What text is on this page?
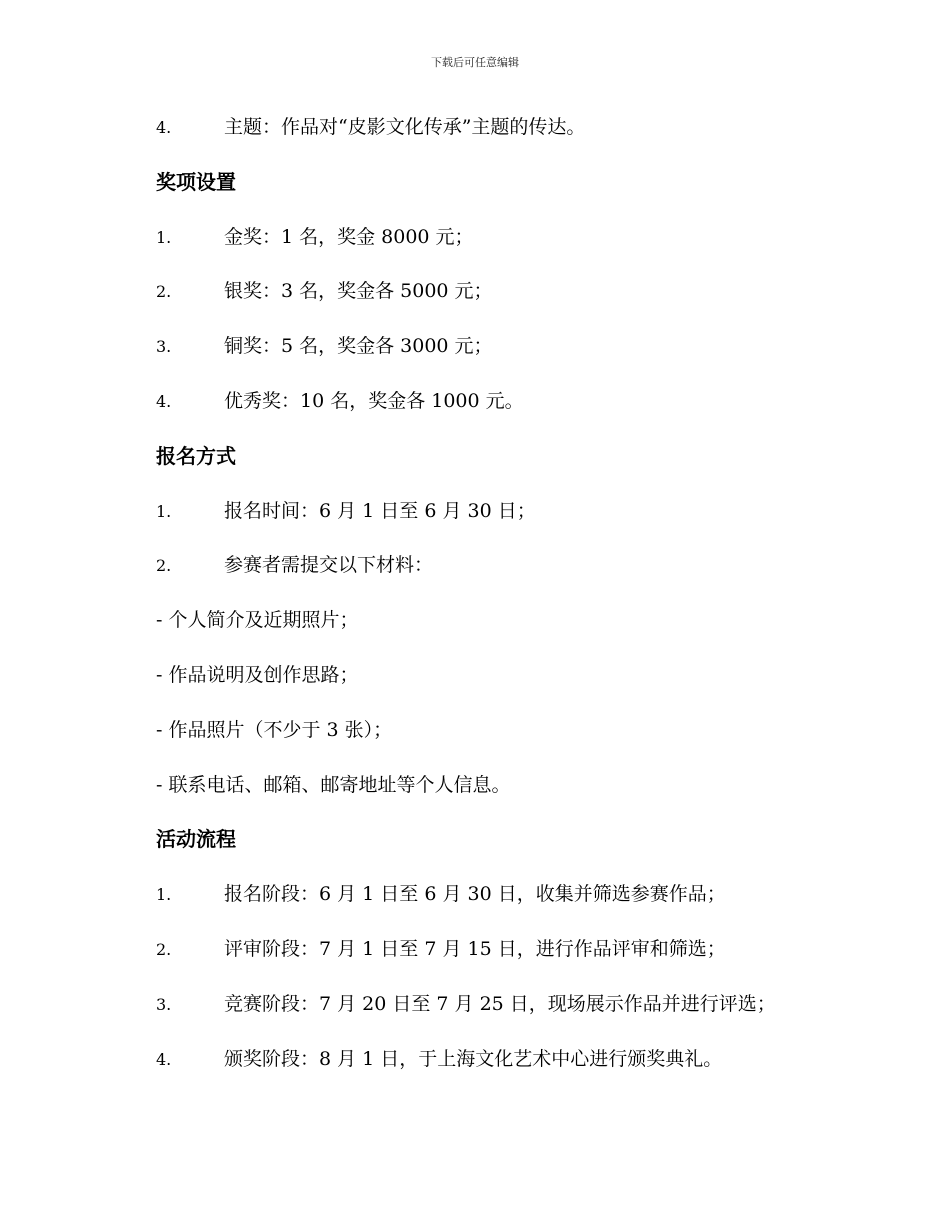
下载后可任意编辑
4.	主题：作品对“皮影文化传承”主题的传达。
奖项设置
1.	金奖：1 名，奖金 8000 元；
2.	银奖：3 名，奖金各 5000 元；
3.	铜奖：5 名，奖金各 3000 元；
4.	优秀奖：10 名，奖金各 1000 元。
报名方式
1.	报名时间：6 月 1 日至 6 月 30 日；
2.	参赛者需提交以下材料：
- 个人简介及近期照片；
- 作品说明及创作思路；
- 作品照片（不少于 3 张）；
- 联系电话、邮箱、邮寄地址等个人信息。
活动流程
1.	报名阶段：6 月 1 日至 6 月 30 日，收集并筛选参赛作品；
2.	评审阶段：7 月 1 日至 7 月 15 日，进行作品评审和筛选；
3.	竞赛阶段：7 月 20 日至 7 月 25 日，现场展示作品并进行评选；
4.	颁奖阶段：8 月 1 日，于上海文化艺术中心进行颁奖典礼。
